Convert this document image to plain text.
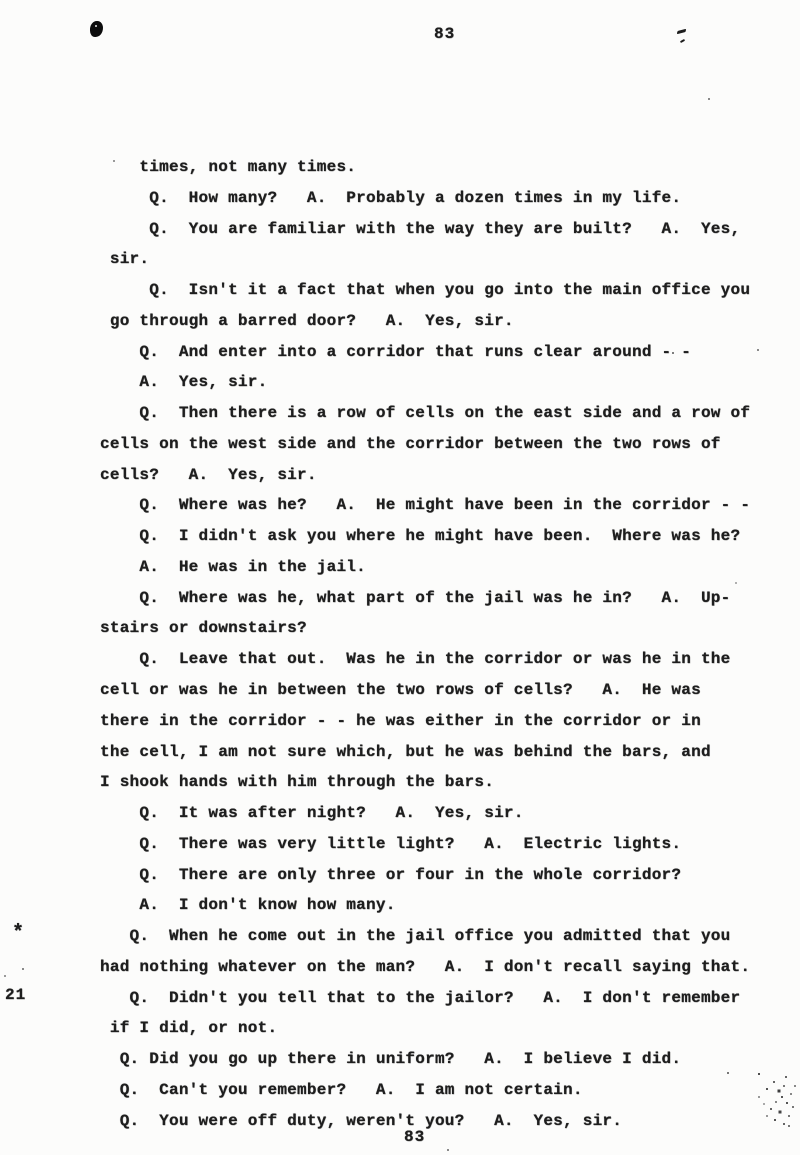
83
times, not many times.
Q.  How many?   A.  Probably a dozen times in my life.
Q.  You are familiar with the way they are built?   A.  Yes,
sir.
Q.  Isn't it a fact that when you go into the main office you
go through a barred door?   A.  Yes, sir.
Q.  And enter into a corridor that runs clear around - -
A.  Yes, sir.
Q.  Then there is a row of cells on the east side and a row of
cells on the west side and the corridor between the two rows of
cells?   A.  Yes, sir.
Q.  Where was he?   A.  He might have been in the corridor - -
Q.  I didn't ask you where he might have been.  Where was he?
A.  He was in the jail.
Q.  Where was he, what part of the jail was he in?   A.  Up-
stairs or downstairs?
Q.  Leave that out.  Was he in the corridor or was he in the
cell or was he in between the two rows of cells?   A.  He was
there in the corridor - - he was either in the corridor or in
the cell, I am not sure which, but he was behind the bars, and
I shook hands with him through the bars.
Q.  It was after night?   A.  Yes, sir.
Q.  There was very little light?   A.  Electric lights.
Q.  There are only three or four in the whole corridor?
A.  I don't know how many.
Q.  When he come out in the jail office you admitted that you
had nothing whatever on the man?   A.  I don't recall saying that.
Q.  Didn't you tell that to the jailor?   A.  I don't remember
if I did, or not.
Q. Did you go up there in uniform?   A.  I believe I did.
Q.  Can't you remember?   A.  I am not certain.
Q.  You were off duty, weren't you?   A.  Yes, sir.
*
21
83
